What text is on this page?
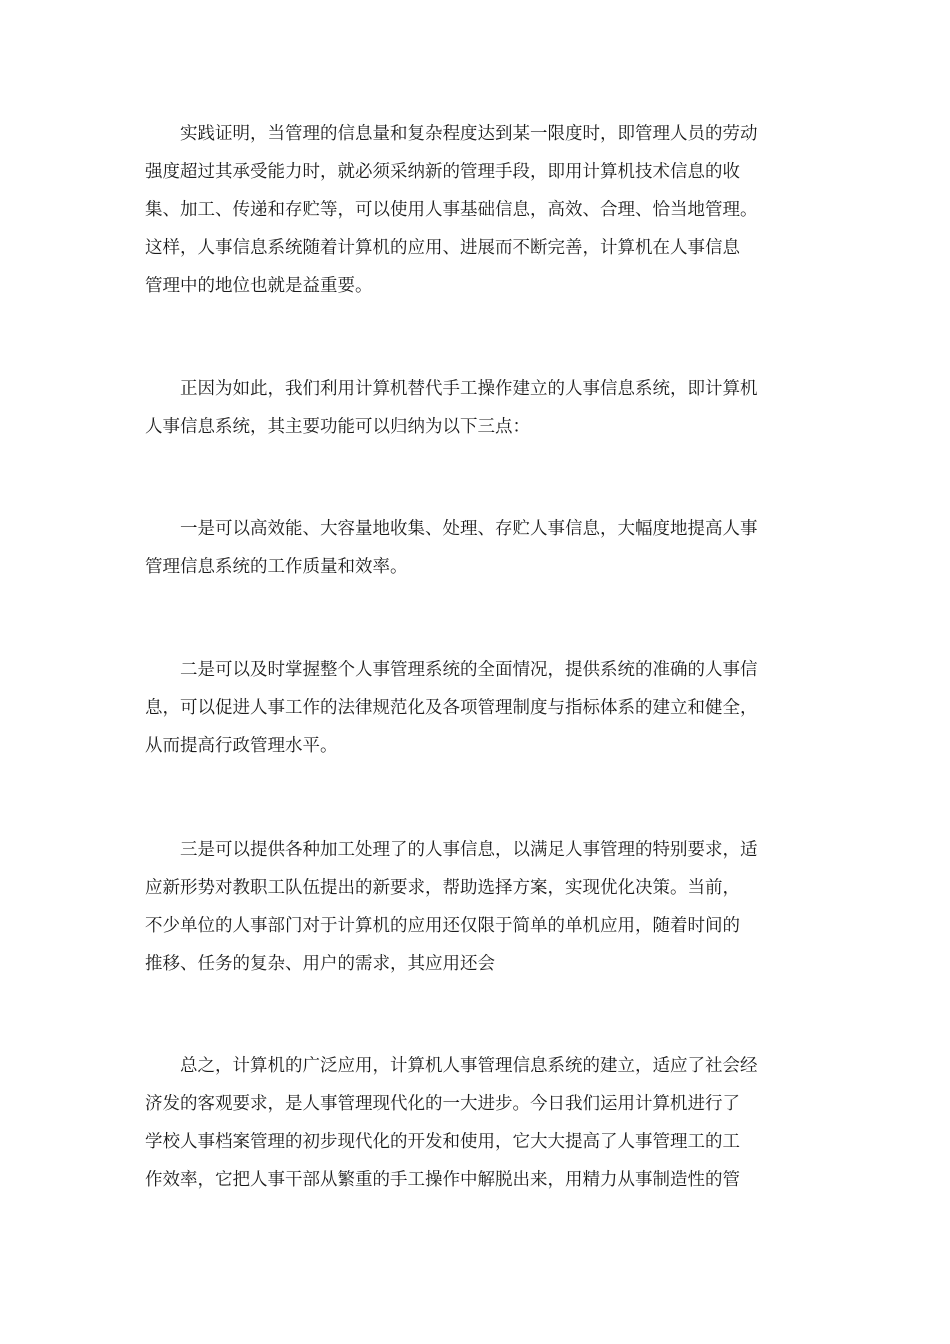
　　实践证明，当管理的信息量和复杂程度达到某一限度时，即管理人员的劳动
强度超过其承受能力时，就必须采纳新的管理手段，即用计算机技术信息的收
集、加工、传递和存贮等，可以使用人事基础信息，高效、合理、恰当地管理。
这样，人事信息系统随着计算机的应用、进展而不断完善，计算机在人事信息
管理中的地位也就是益重要。

　　正因为如此，我们利用计算机替代手工操作建立的人事信息系统，即计算机
人事信息系统，其主要功能可以归纳为以下三点：

　　一是可以高效能、大容量地收集、处理、存贮人事信息，大幅度地提高人事
管理信息系统的工作质量和效率。

　　二是可以及时掌握整个人事管理系统的全面情况，提供系统的准确的人事信
息，可以促进人事工作的法律规范化及各项管理制度与指标体系的建立和健全，
从而提高行政管理水平。

　　三是可以提供各种加工处理了的人事信息，以满足人事管理的特别要求，适
应新形势对教职工队伍提出的新要求，帮助选择方案，实现优化决策。当前，
不少单位的人事部门对于计算机的应用还仅限于简单的单机应用，随着时间的
推移、任务的复杂、用户的需求，其应用还会

　　总之，计算机的广泛应用，计算机人事管理信息系统的建立，适应了社会经
济发的客观要求，是人事管理现代化的一大进步。今日我们运用计算机进行了
学校人事档案管理的初步现代化的开发和使用，它大大提高了人事管理工的工
作效率，它把人事干部从繁重的手工操作中解脱出来，用精力从事制造性的管
